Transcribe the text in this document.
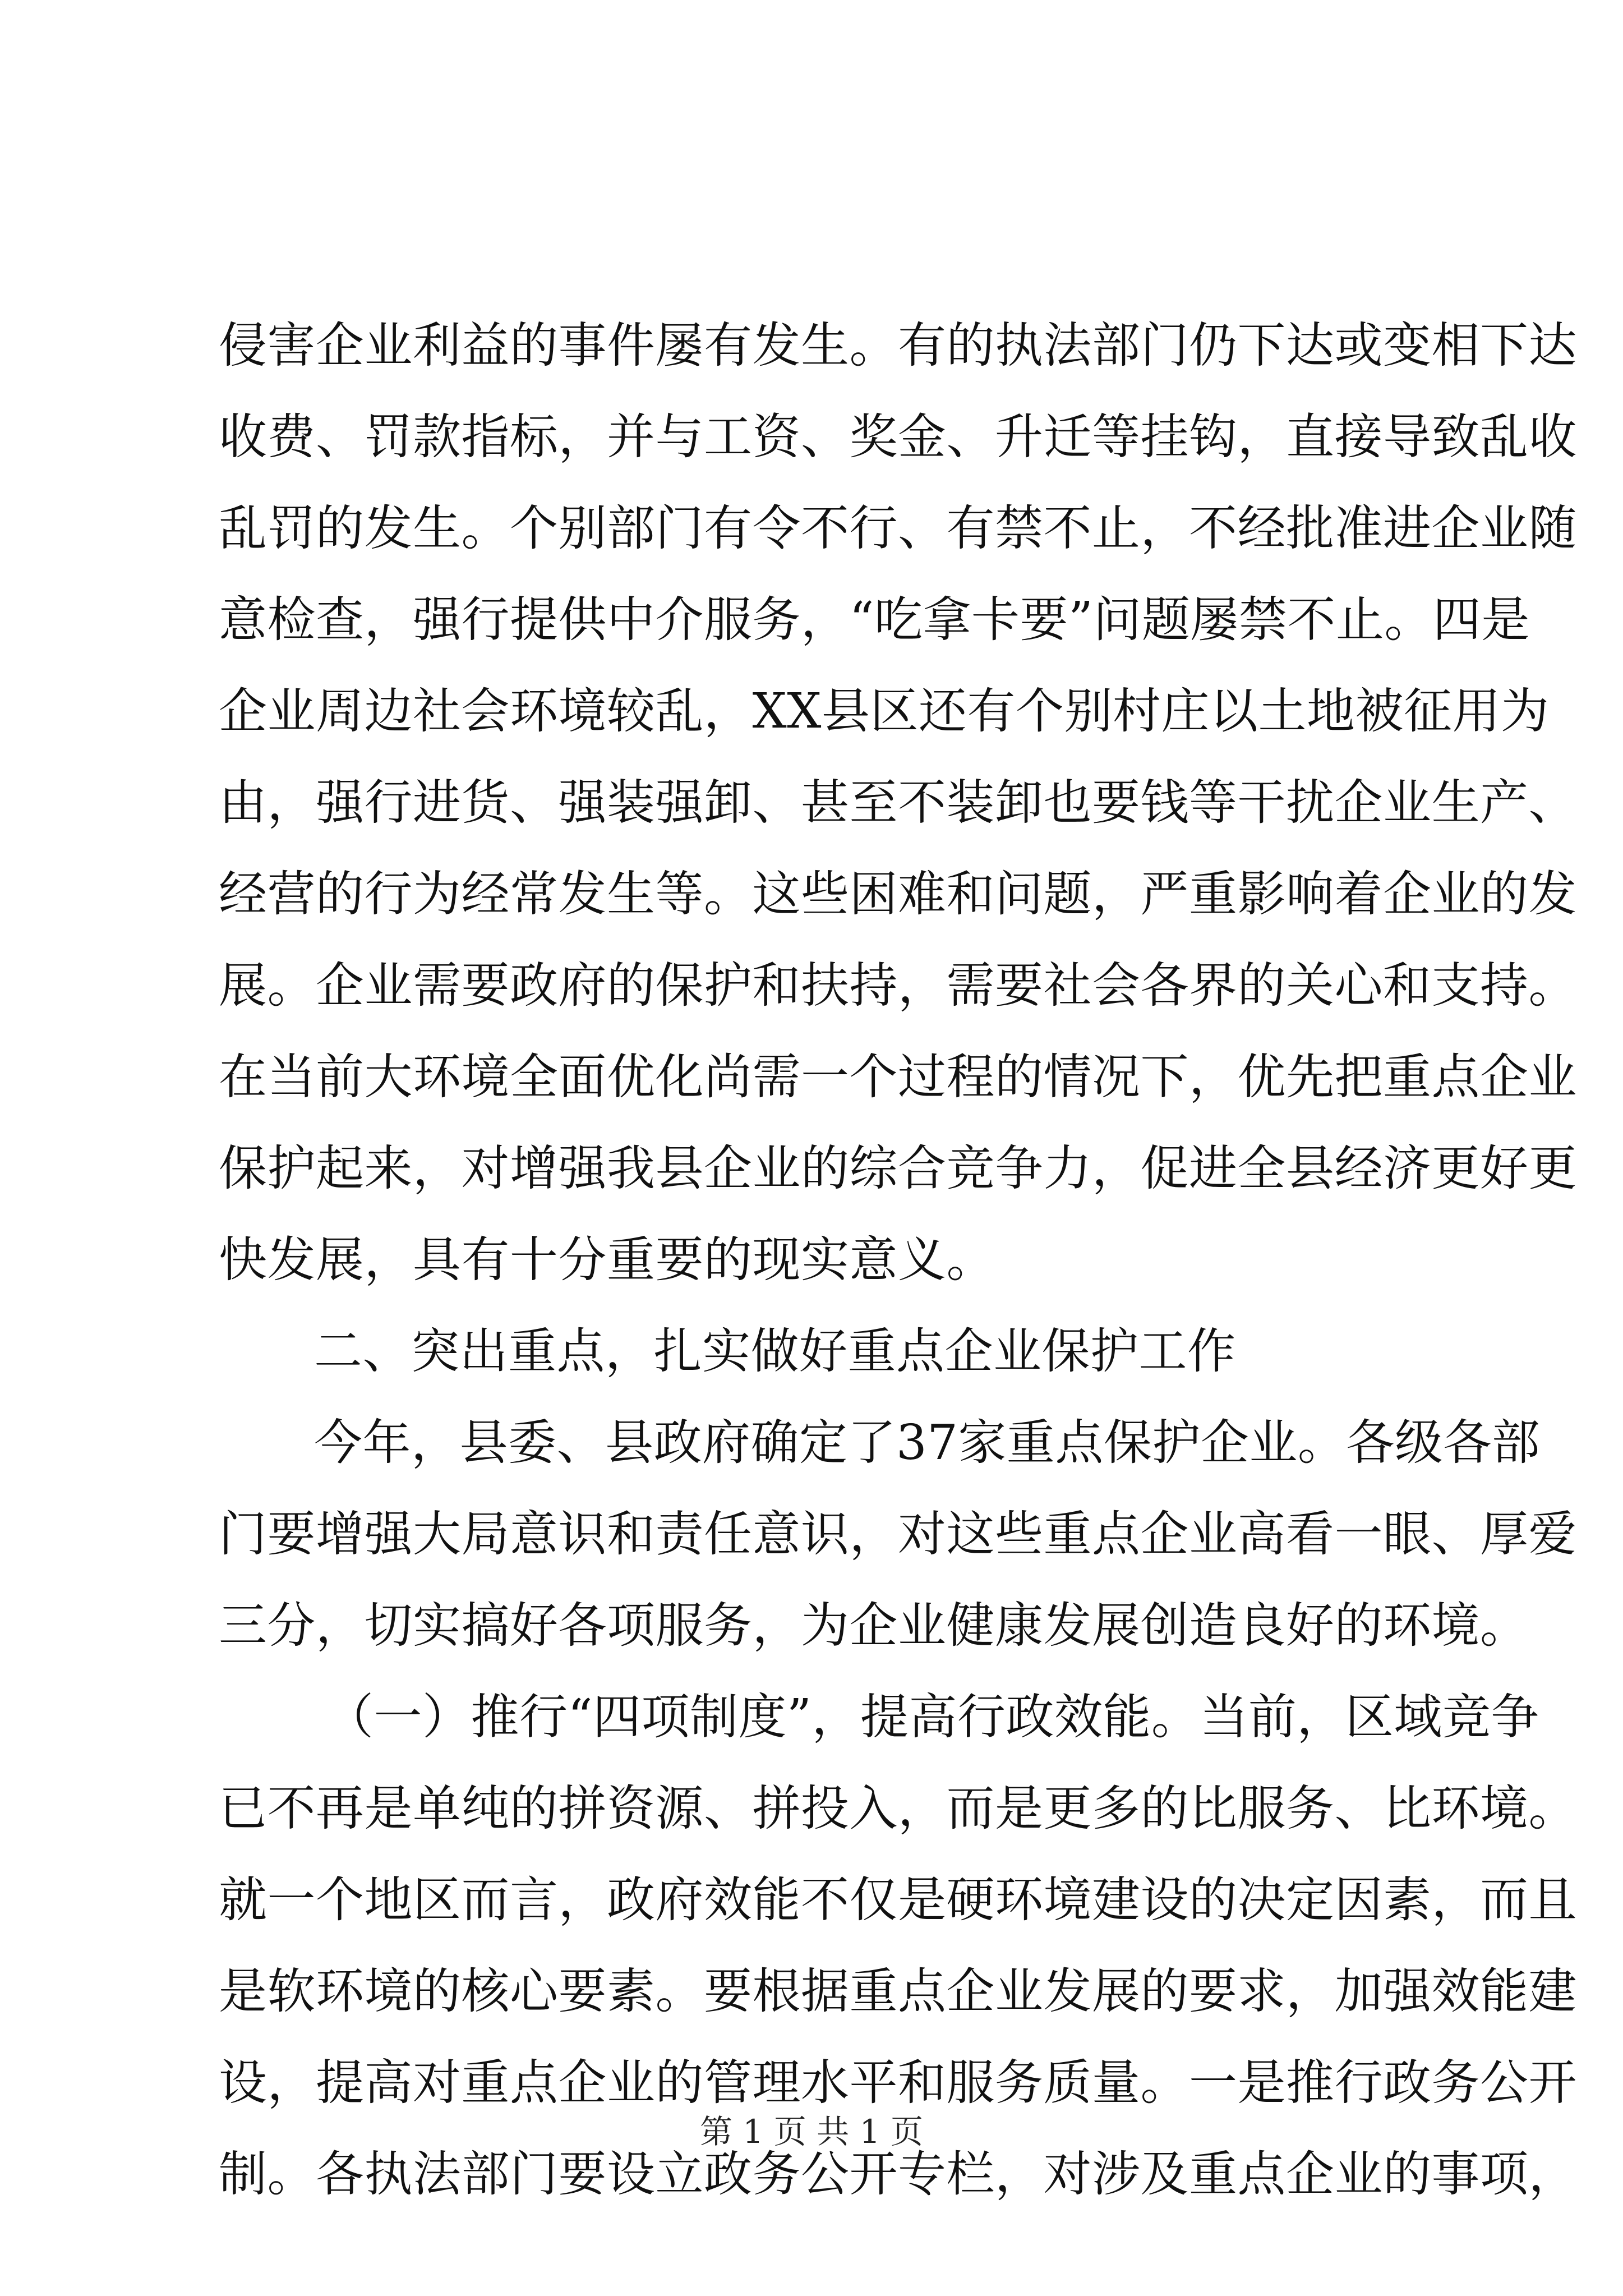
侵害企业利益的事件屡有发生。有的执法部门仍下达或变相下达
收费、罚款指标，并与工资、奖金、升迁等挂钩，直接导致乱收
乱罚的发生。个别部门有令不行、有禁不止，不经批准进企业随
意检查，强行提供中介服务，“吃拿卡要”问题屡禁不止。四是
企业周边社会环境较乱，XX县区还有个别村庄以土地被征用为
由，强行进货、强装强卸、甚至不装卸也要钱等干扰企业生产、
经营的行为经常发生等。这些困难和问题，严重影响着企业的发
展。企业需要政府的保护和扶持，需要社会各界的关心和支持。
在当前大环境全面优化尚需一个过程的情况下，优先把重点企业
保护起来，对增强我县企业的综合竞争力，促进全县经济更好更
快发展，具有十分重要的现实意义。
二、突出重点，扎实做好重点企业保护工作
今年，县委、县政府确定了37家重点保护企业。各级各部
门要增强大局意识和责任意识，对这些重点企业高看一眼、厚爱
三分，切实搞好各项服务，为企业健康发展创造良好的环境。
（一）推行“四项制度”，提高行政效能。当前，区域竞争
已不再是单纯的拼资源、拼投入，而是更多的比服务、比环境。
就一个地区而言，政府效能不仅是硬环境建设的决定因素，而且
是软环境的核心要素。要根据重点企业发展的要求，加强效能建
设，提高对重点企业的管理水平和服务质量。一是推行政务公开
制。各执法部门要设立政务公开专栏，对涉及重点企业的事项，
第 1 页 共 1 页
